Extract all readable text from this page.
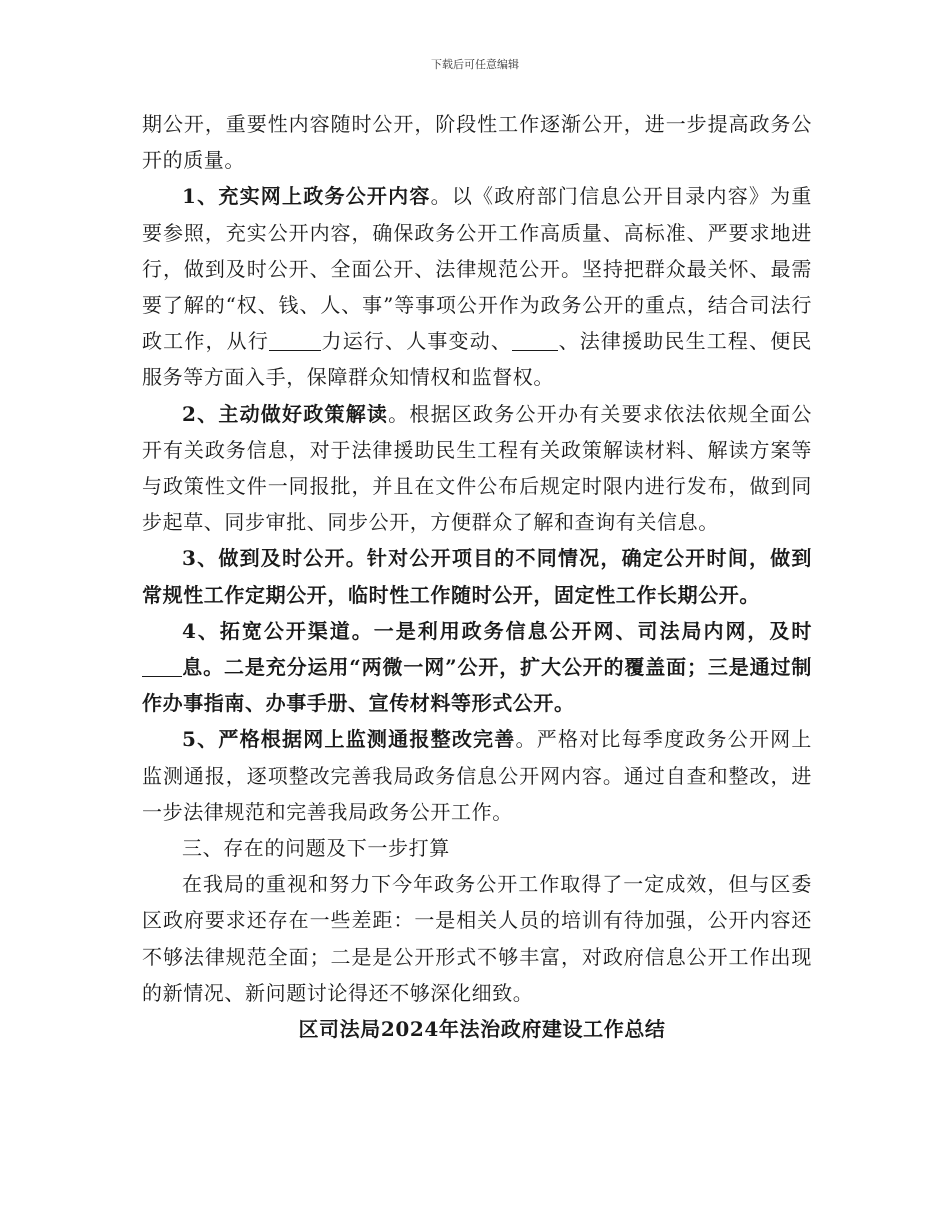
下载后可任意编辑

期公开，重要性内容随时公开，阶段性工作逐渐公开，进一步提高政务公开的质量。

1、充实网上政务公开内容。以《政府部门信息公开目录内容》为重要参照，充实公开内容，确保政务公开工作高质量、高标准、严要求地进行，做到及时公开、全面公开、法律规范公开。坚持把群众最关怀、最需要了解的“权、钱、人、事”等事项公开作为政务公开的重点，结合司法行政工作，从行	力运行、人事变动、 、法律援助民生工程、便民服务等方面入手，保障群众知情权和监督权。

2、主动做好政策解读。根据区政务公开办有关要求依法依规全面公开有关政务信息，对于法律援助民生工程有关政策解读材料、解读方案等与政策性文件一同报批，并且在文件公布后规定时限内进行发布，做到同步起草、同步审批、同步公开，方便群众了解和查询有关信息。

3、做到及时公开。针对公开项目的不同情况，确定公开时间，做到常规性工作定期公开，临时性工作随时公开，固定性工作长期公开。

4、拓宽公开渠道。一是利用政务信息公开网、司法局内网，及时息。二是充分运用“两微一网”公开，扩大公开的覆盖面；三是通过制作办事指南、办事手册、宣传材料等形式公开。

5、严格根据网上监测通报整改完善。严格对比每季度政务公开网上监测通报，逐项整改完善我局政务信息公开网内容。通过自查和整改，进一步法律规范和完善我局政务公开工作。

三、存在的问题及下一步打算

在我局的重视和努力下今年政务公开工作取得了一定成效，但与区委区政府要求还存在一些差距：一是相关人员的培训有待加强，公开内容还不够法律规范全面；二是是公开形式不够丰富，对政府信息公开工作出现的新情况、新问题讨论得还不够深化细致。

区司法局2024年法治政府建设工作总结
